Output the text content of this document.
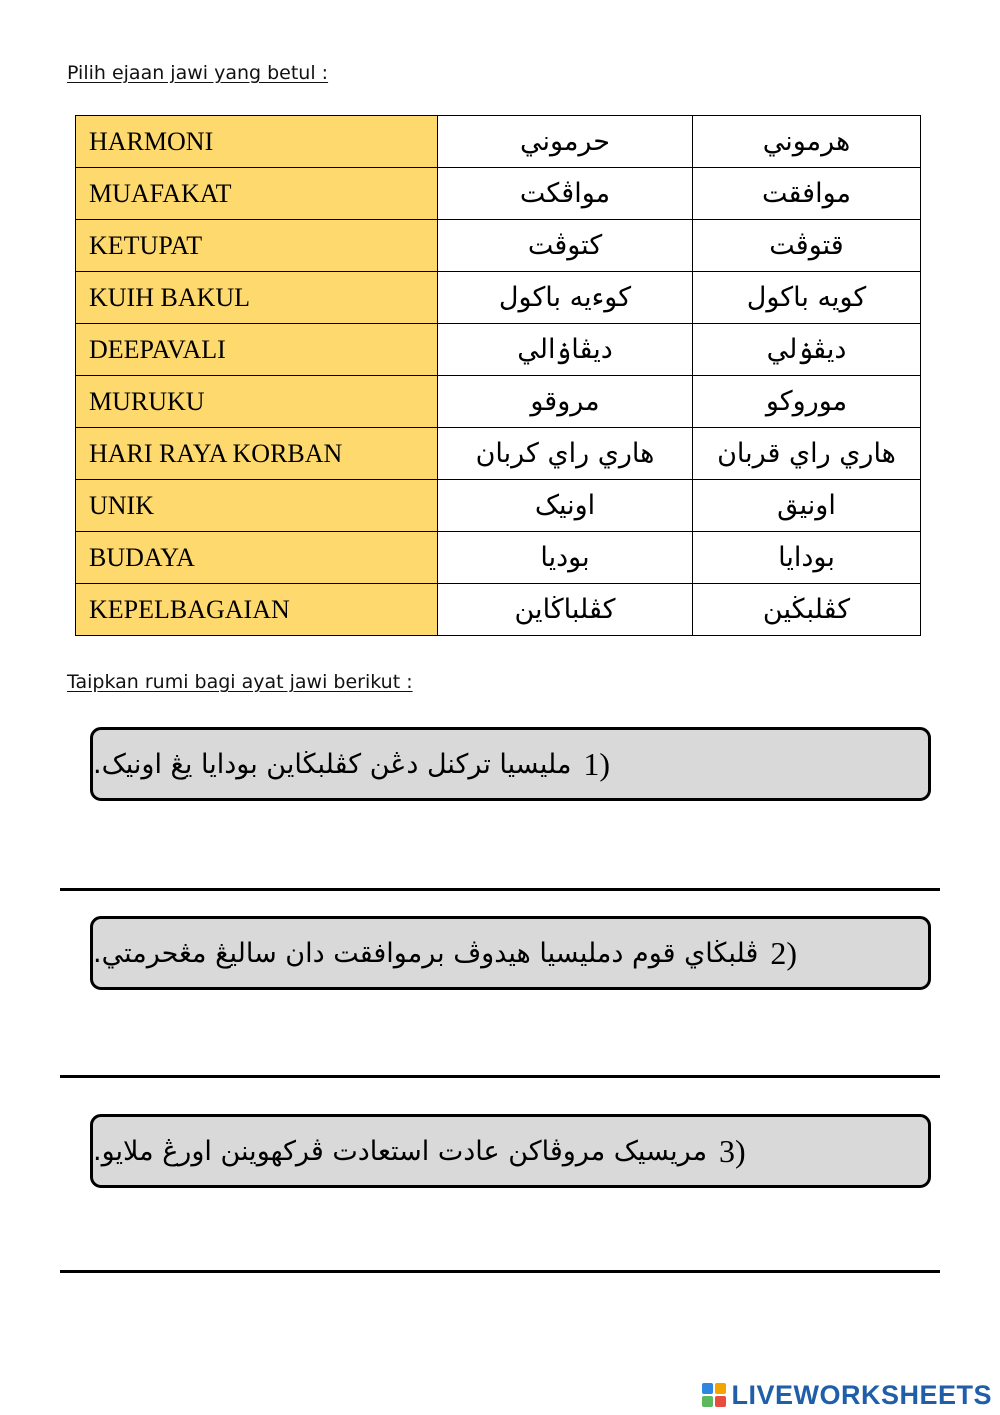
Pilih ejaan jawi yang betul :
HARMONI	حرموني	هرموني
MUAFAKAT	مواڤكت	موافقت
KETUPAT	كتوڤت	قتوڤت
KUIH BAKUL	كوءيه باكول	كويه باكول
DEEPAVALI	ديڤاۏالي	ديڤۏلي
MURUKU	مروقو	موروكو
HARI RAYA KORBAN	هاري راي كربان	هاري راي قربان
UNIK	اونيک	اونيق
BUDAYA	بوديا	بودايا
KEPELBAGAIAN	كڤلباڬاين	كڤلبڬين
Taipkan rumi bagi ayat jawi berikut :
1)
مليسيا تركنل دڠن كڤلبڬاين بودايا يڠ اونيک.
2)
ڤلبڬاي قوم دمليسيا هيدوڤ برموافقت دان ساليڠ مڠحرمتي.
3)
مريسيک مروڤاكن عادت استعادت ڤركهوينن اورڠ ملايو.
LIVEWORKSHEETS
